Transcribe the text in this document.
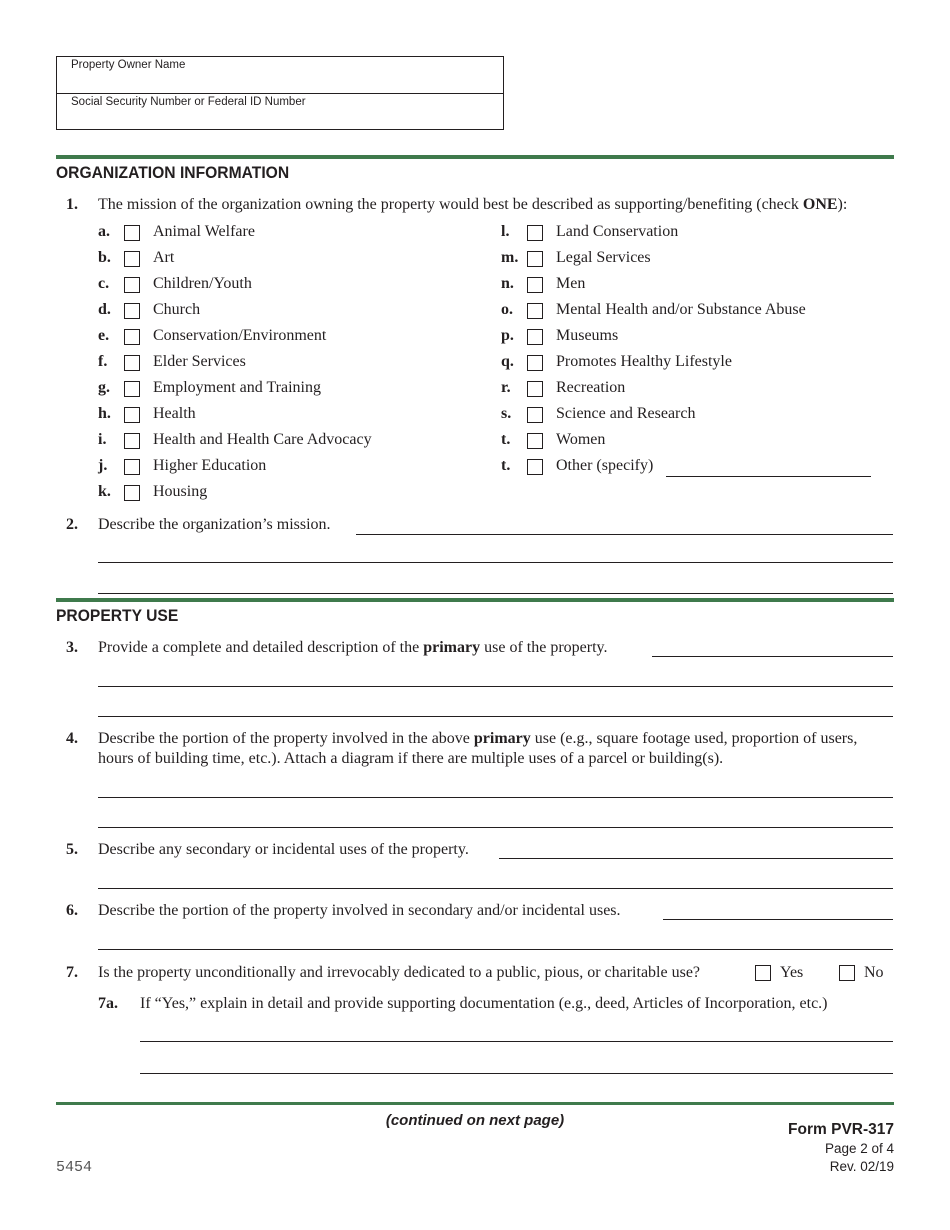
Property Owner Name
Social Security Number or Federal ID Number
ORGANIZATION INFORMATION
1. The mission of the organization owning the property would best be described as supporting/benefiting (check ONE):
a.	Animal Welfare
b.	Art
c.	Children/Youth
d.	Church
e.	Conservation/Environment
f.	Elder Services
g.	Employment and Training
h.	Health
i.	Health and Health Care Advocacy
j.	Higher Education
k.	Housing
l.	Land Conservation
m. Legal Services
n.	Men
o.	Mental Health and/or Substance Abuse
p.	Museums
q.	Promotes Healthy Lifestyle
r.	Recreation
s.	Science and Research
t.	Women
t.	Other (specify)
2. Describe the organization’s mission.
PROPERTY USE
3. Provide a complete and detailed description of the primary use of the property.
4. Describe the portion of the property involved in the above primary use (e.g., square footage used, proportion of users,
hours of building time, etc.). Attach a diagram if there are multiple uses of a parcel or building(s).
5. Describe any secondary or incidental uses of the property.
6. Describe the portion of the property involved in secondary and/or incidental uses.
7. Is the property unconditionally and irrevocably dedicated to a public, pious, or charitable use?	Yes	No
7a. If “Yes,” explain in detail and provide supporting documentation (e.g., deed, Articles of Incorporation, etc.)
(continued on next page)
Form PVR-317
Page 2 of 4
Rev. 02/19
5454
